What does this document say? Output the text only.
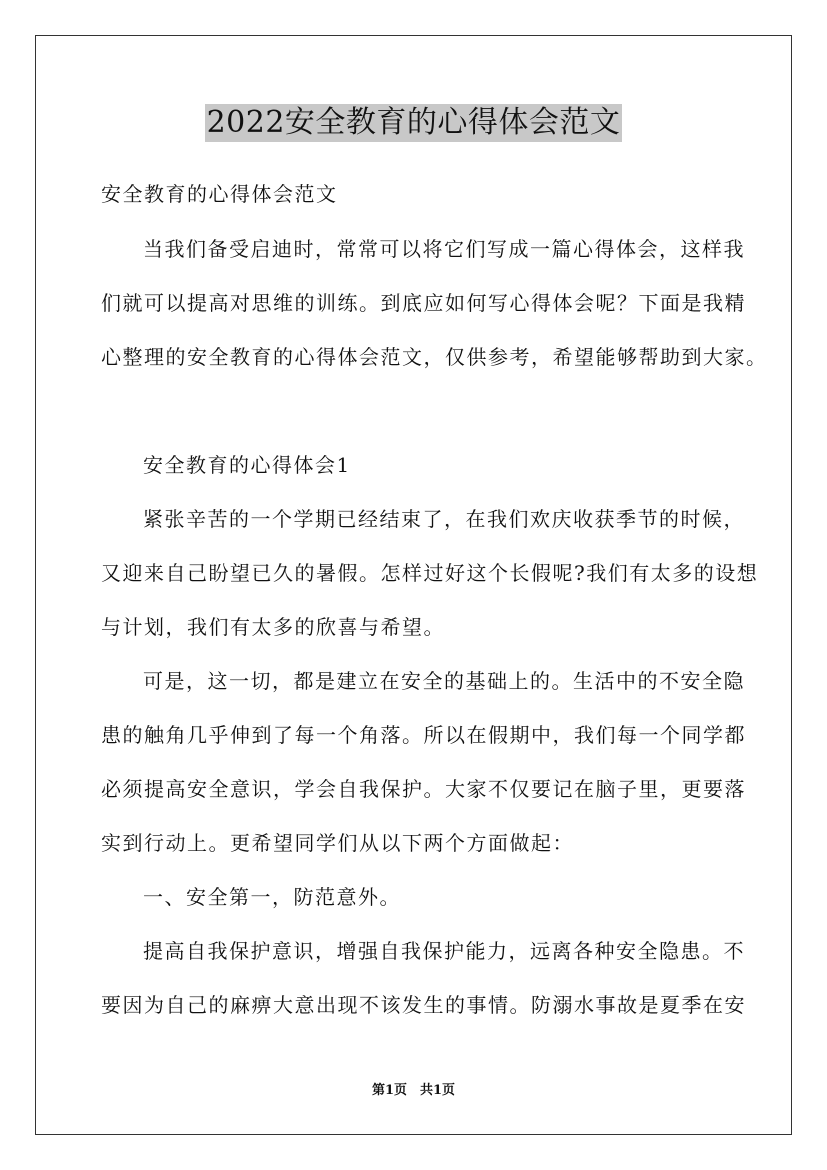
2022安全教育的心得体会范文
安全教育的心得体会范文
当我们备受启迪时，常常可以将它们写成一篇心得体会，这样我
们就可以提高对思维的训练。到底应如何写心得体会呢？下面是我精
心整理的安全教育的心得体会范文，仅供参考，希望能够帮助到大家。
安全教育的心得体会1
紧张辛苦的一个学期已经结束了，在我们欢庆收获季节的时候，
又迎来自己盼望已久的暑假。怎样过好这个长假呢?我们有太多的设想
与计划，我们有太多的欣喜与希望。
可是，这一切，都是建立在安全的基础上的。生活中的不安全隐
患的触角几乎伸到了每一个角落。所以在假期中，我们每一个同学都
必须提高安全意识，学会自我保护。大家不仅要记在脑子里，更要落
实到行动上。更希望同学们从以下两个方面做起：
一、安全第一，防范意外。
提高自我保护意识，增强自我保护能力，远离各种安全隐患。不
要因为自己的麻痹大意出现不该发生的事情。防溺水事故是夏季在安
第1页　共1页
